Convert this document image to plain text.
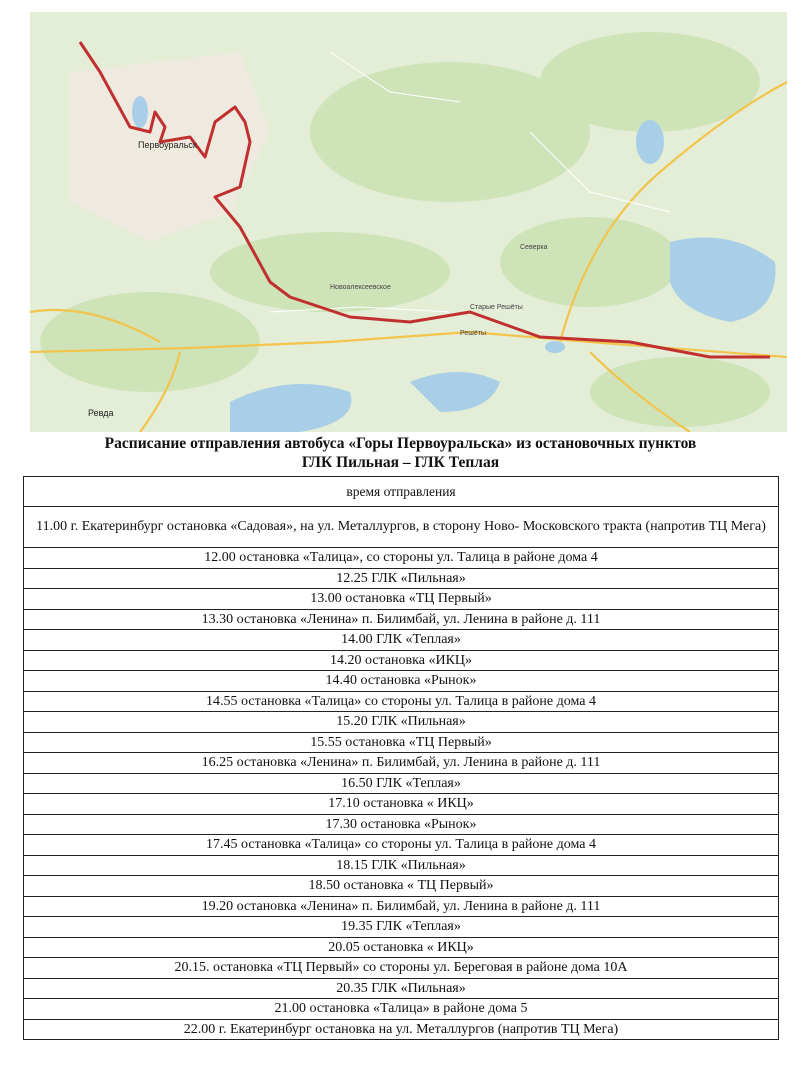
Первоуральск
Ревда
Новоалексеевское
Старые Решёты
Решёты
Северка
Расписание отправления автобуса «Горы Первоуральска» из остановочных пунктов
ГЛК Пильная – ГЛК Теплая
время отправления
11.00 г. Екатеринбург остановка «Садовая», на ул. Металлургов, в сторону Ново- Московского тракта (напротив ТЦ Мега)
12.00 остановка «Талица», со стороны ул. Талица в районе дома 4
12.25 ГЛК «Пильная»
13.00 остановка «ТЦ Первый»
13.30 остановка «Ленина» п. Билимбай, ул. Ленина в районе д. 111
14.00 ГЛК «Теплая»
14.20 остановка «ИКЦ»
14.40 остановка «Рынок»
14.55 остановка «Талица» со стороны ул. Талица в районе дома 4
15.20 ГЛК «Пильная»
15.55 остановка «ТЦ Первый»
16.25 остановка «Ленина» п. Билимбай, ул. Ленина в районе д. 111
16.50 ГЛК «Теплая»
17.10 остановка « ИКЦ»
17.30 остановка «Рынок»
17.45 остановка «Талица» со стороны ул. Талица в районе дома 4
18.15 ГЛК «Пильная»
18.50 остановка « ТЦ Первый»
19.20 остановка «Ленина» п. Билимбай, ул. Ленина в районе д. 111
19.35 ГЛК «Теплая»
20.05 остановка « ИКЦ»
20.15. остановка «ТЦ Первый» со стороны ул. Береговая в районе дома 10А
20.35 ГЛК «Пильная»
21.00 остановка «Талица» в районе дома 5
22.00 г. Екатеринбург остановка на ул. Металлургов (напротив ТЦ Мега)
